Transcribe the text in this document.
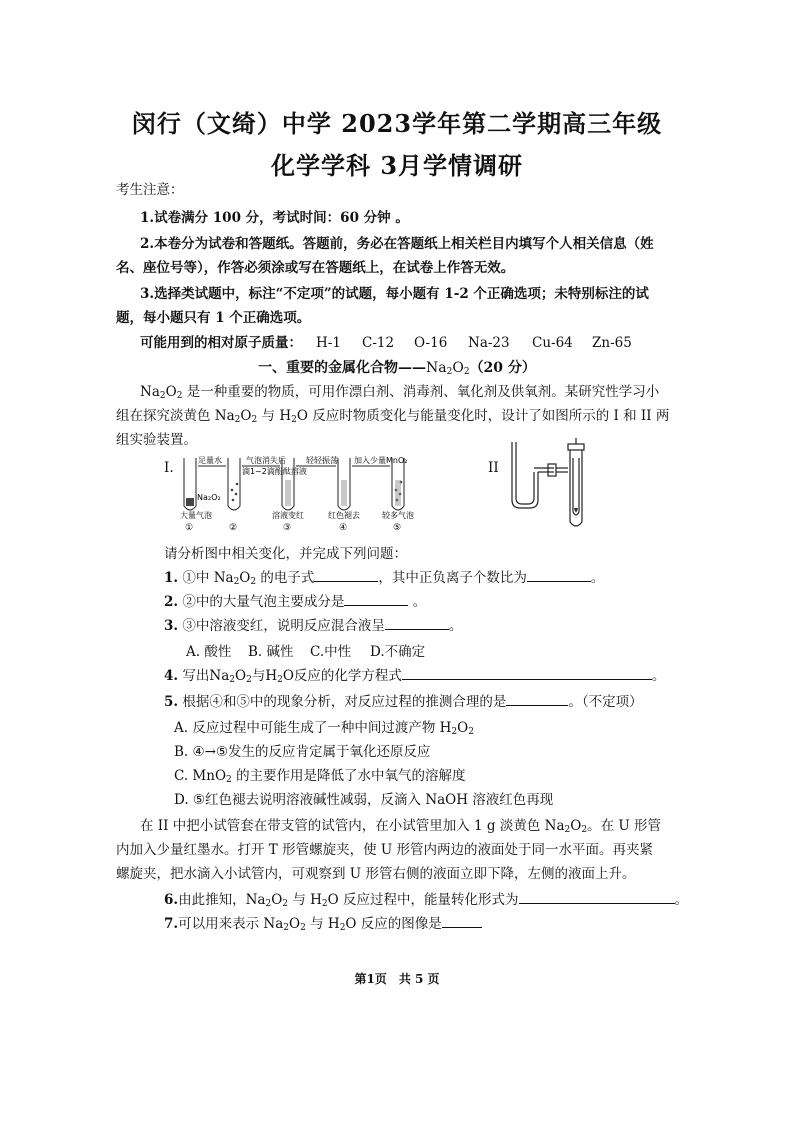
闵行（文绮）中学 2023学年第二学期高三年级
化学学科 3月学情调研
考生注意：
1.试卷满分 100 分，考试时间：60 分钟 。
2.本卷分为试卷和答题纸。答题前，务必在答题纸上相关栏目内填写个人相关信息（姓
名、座位号等），作答必须涂或写在答题纸上，在试卷上作答无效。
3.选择类试题中，标注“不定项”的试题，每小题有 1-2 个正确选项；未特别标注的试
题，每小题只有 1 个正确选项。
可能用到的相对原子质量： H-1 C-12 O-16 Na-23 Cu-64 Zn-65
一、重要的金属化合物$——Na_2O_2(20$ 分）
$Na_2O_2$ 是一种重要的物质，可用作漂白剂、消毒剂、氧化剂及供氧剂。某研究性学习小
组在探究淡黄色 $Na_2O_2$ 与 $H_2O$ 反应时物质变化与能量变化时，设计了如图所示的 I 和 II 两
组实验装置。
I.	足量水	气泡消失后
滴1~2滴酚酞溶液
轻轻振荡 加入少量MnO₂
Na₂O₂
大量气泡	溶液变红	红色褪去	较多气泡
①	②	③	④	⑤
II
请分析图中相关变化，并完成下列问题：
1. ①中 $Na_2O_2$ 的电子式	，其中正负离子个数比为	。
2. ②中的大量气泡主要成分是	。
3. ③中溶液变红，说明反应混合液呈	。
A. 酸性 B. 碱性 C.中性 D.不确定
4. 写出$Na_2O_2$与$H_2O$反应的化学方程式	。
5. 根据④和⑤中的现象分析，对反应过程的推测合理的是	。（不定项）
A. 反应过程中可能生成了一种中间过渡产物 $H_2O_2$
B. ④→⑤发生的反应肯定属于氧化还原反应
C. MnO$_2$ 的主要作用是降低了水中氧气的溶解度
D. ⑤红色褪去说明溶液碱性减弱，反滴入 NaOH 溶液红色再现
在 II 中把小试管套在带支管的试管内，在小试管里加入 1 g 淡黄色 $Na_2O_2$。在 U 形管
内加入少量红墨水。打开 T 形管螺旋夹，使 U 形管内两边的液面处于同一水平面。再夹紧
螺旋夹，把水滴入小试管内，可观察到 U 形管右侧的液面立即下降，左侧的液面上升。
6.由此推知，$Na_2O_2$ 与 $H_2O$ 反应过程中，能量转化形式为	。
7.可以用来表示 $Na_2O_2$ 与 $H_2O$ 反应的图像是
第1页　共 5 页
